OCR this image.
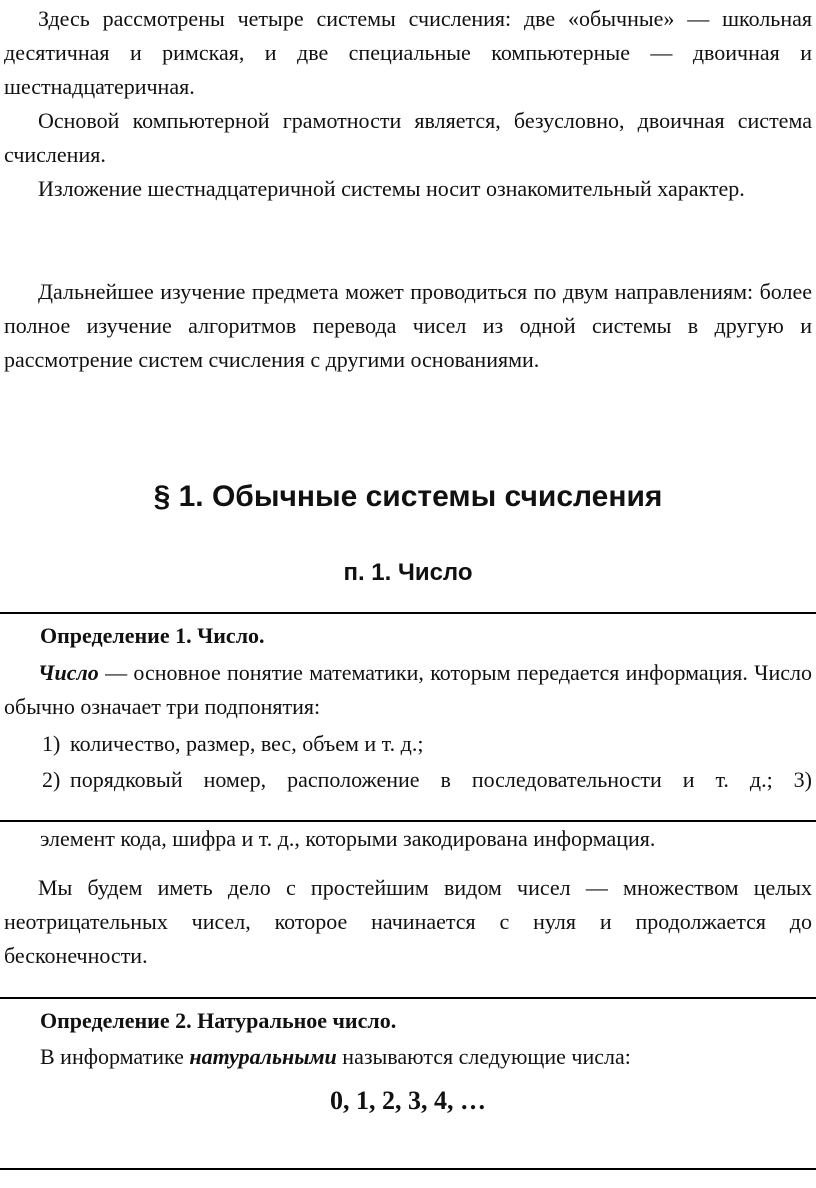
Здесь рассмотрены четыре системы счисления: две «обычные» — школьная десятичная и римская, и две специальные компьютерные — двоичная и шестнадцатеричная.

Основой компьютерной грамотности является, безусловно, двоичная система счисления.

Изложение шестнадцатеричной системы носит ознакомительный характер.

Дальнейшее изучение предмета может проводиться по двум направлениям: более полное изучение алгоритмов перевода чисел из одной системы в другую и рассмотрение систем счисления с другими основаниями.

§ 1. Обычные системы счисления
п. 1. Число

Определение 1. Число.

Число — основное понятие математики, которым передается информация. Число обычно означает три подпонятия:

1) количество, размер, вес, объем и т. д.;

2) порядковый номер, расположение в последовательности и т. д.; 3)

элемент кода, шифра и т. д., которыми закодирована информация.

Мы будем иметь дело с простейшим видом чисел — множеством целых неотрицательных чисел, которое начинается с нуля и продолжается до бесконечности.

Определение 2. Натуральное число.

В информатике натуральными называются следующие числа:

0, 1, 2, 3, 4, …
